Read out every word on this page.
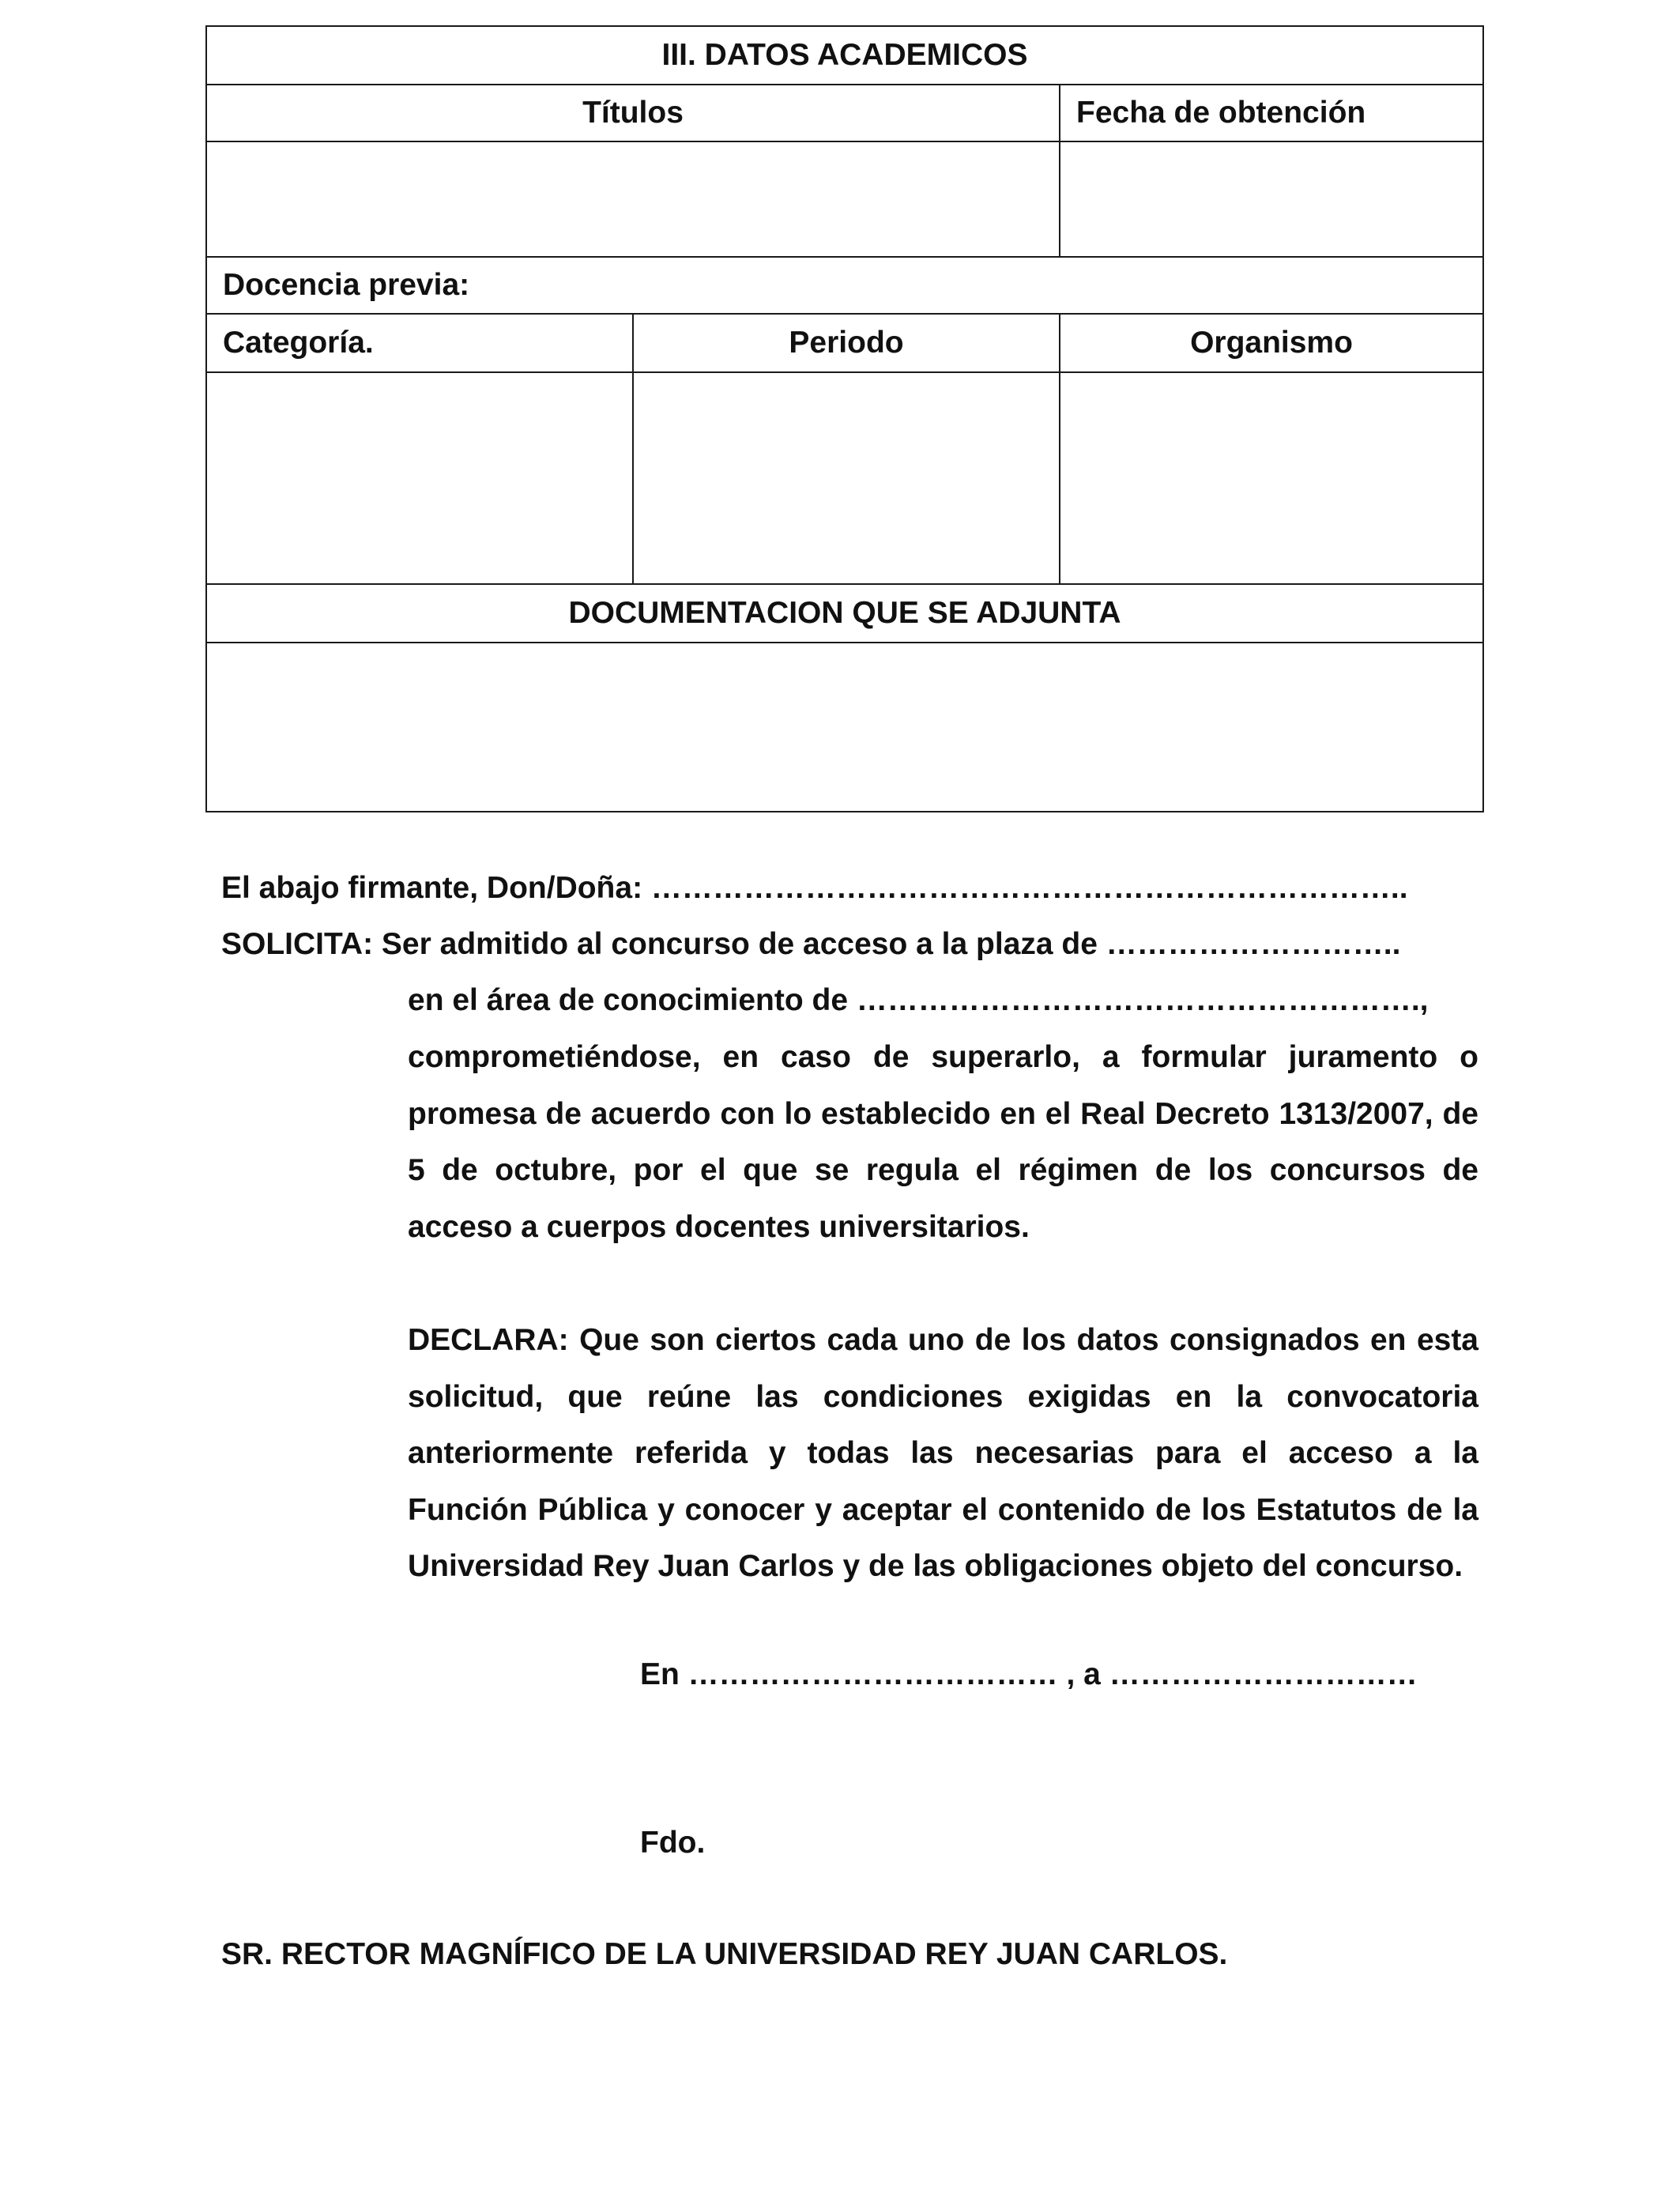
III. DATOS ACADEMICOS		
Títulos		Fecha de obtención

Docencia previa:		
Categoría.	Periodo	Organismo

DOCUMENTACION QUE SE ADJUNTA		

El abajo firmante, Don/Doña: ………………………………………………………………..
SOLICITA: Ser admitido al concurso de acceso a la plaza de ………………………..
en el área de conocimiento de ……………………………………………….,
comprometiéndose, en caso de superarlo, a formular juramento o promesa de acuerdo con lo establecido en el Real Decreto 1313/2007, de 5 de octubre, por el que se regula el régimen de los concursos de acceso a cuerpos docentes universitarios.
DECLARA: Que son ciertos cada uno de los datos consignados en esta solicitud, que reúne las condiciones exigidas en la convocatoria anteriormente referida y todas las necesarias para el acceso a la Función Pública y conocer y aceptar el contenido de los Estatutos de la Universidad Rey Juan Carlos y de las obligaciones objeto del concurso.
En ……………………………… , a …………………………
Fdo.
SR. RECTOR MAGNÍFICO DE LA UNIVERSIDAD REY JUAN CARLOS.
